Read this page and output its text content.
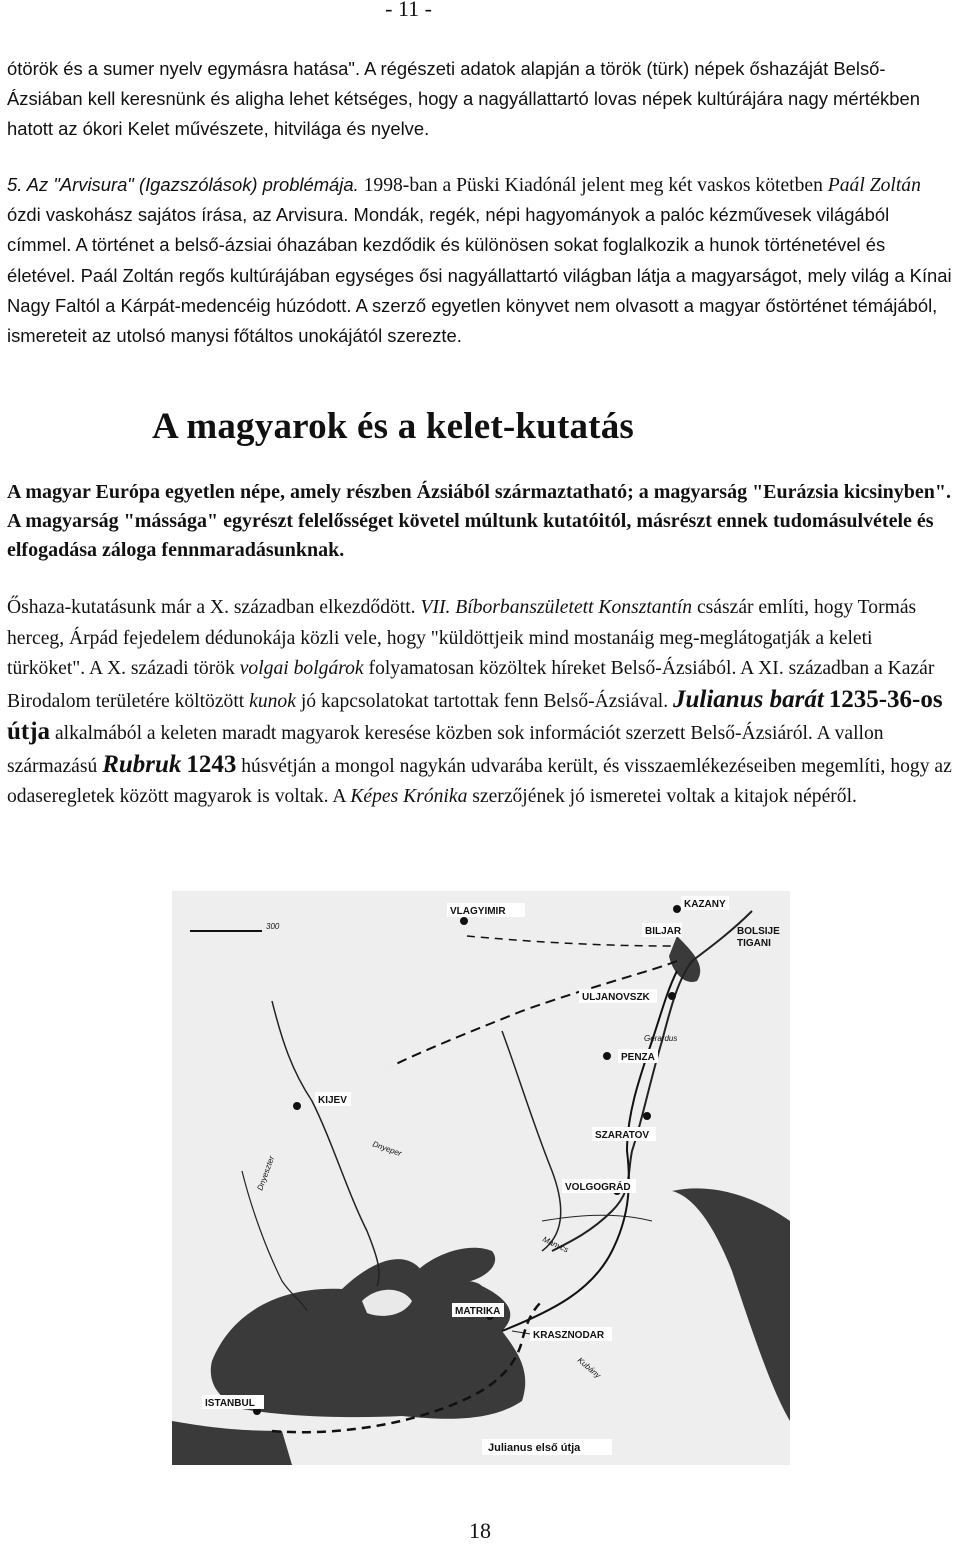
- 11 -
ótörök és a sumer nyelv egymásra hatása". A régészeti adatok alapján a török (türk) népek őshazáját Belső-Ázsiában kell keresnünk és aligha lehet kétséges, hogy a nagyállattartó lovas népek kultúrájára nagy mértékben hatott az ókori Kelet művészete, hitvilága és nyelve.
5. Az "Arvisura" (Igazszólások) problémája. 1998-ban a Püski Kiadónál jelent meg két vaskos kötetben Paál Zoltán ózdi vaskohász sajátos írása, az Arvisura. Mondák, regék, népi hagyományok a palóc kézművesek világából címmel. A történet a belső-ázsiai óhazában kezdődik és különösen sokat foglalkozik a hunok történetével és életével. Paál Zoltán regős kultúrájában egységes ősi nagyállattartó világban látja a magyarságot, mely világ a Kínai Nagy Faltól a Kárpát-medencéig húzódott. A szerző egyetlen könyvet nem olvasott a magyar őstörténet témájából, ismereteit az utolsó manysi főtáltos unokájától szerezte.
A magyarok és a kelet-kutatás
A magyar Európa egyetlen népe, amely részben Ázsiából származtatható; a magyarság "Eurázsia kicsinyben". A magyarság "mássága" egyrészt felelősséget követel múltunk kutatóitól, másrészt ennek tudomásulvétele és elfogadása záloga fennmaradásunknak.
Őshaza-kutatásunk már a X. században elkezdődött. VII. Bíborbanszületett Konsztantín császár említi, hogy Tormás herceg, Árpád fejedelem dédunokája közli vele, hogy "küldöttjeik mind mostanáig meg-meglátogatják a keleti türköket". A X. századi török volgai bolgárok folyamatosan közöltek híreket Belső-Ázsiából. A XI. században a Kazár Birodalom területére költözött kunok jó kapcsolatokat tartottak fenn Belső-Ázsiával. Julianus barát 1235-36-os útja alkalmából a keleten maradt magyarok keresése közben sok információt szerzett Belső-Ázsiáról. A vallon származású Rubruk 1243 húsvétján a mongol nagykán udvarába került, és visszaemlékezéseiben megemlíti, hogy az odaseregletek között magyarok is voltak. A Képes Krónika szerzőjének jó ismeretei voltak a kitajok népéről.
300
VLAGYIMIR
KAZANY
BILJAR	BOLSIJE
TIGANI
ULJANOVSZK
Gerardus
PENZA
SZARATOV
KIJEV
Dnyeper
Dnyeszter	VOLGOGRÁD
Manycs
MATRIKA
KRASZNODAR
Kubány
ISTANBUL
Julianus első útja
18
